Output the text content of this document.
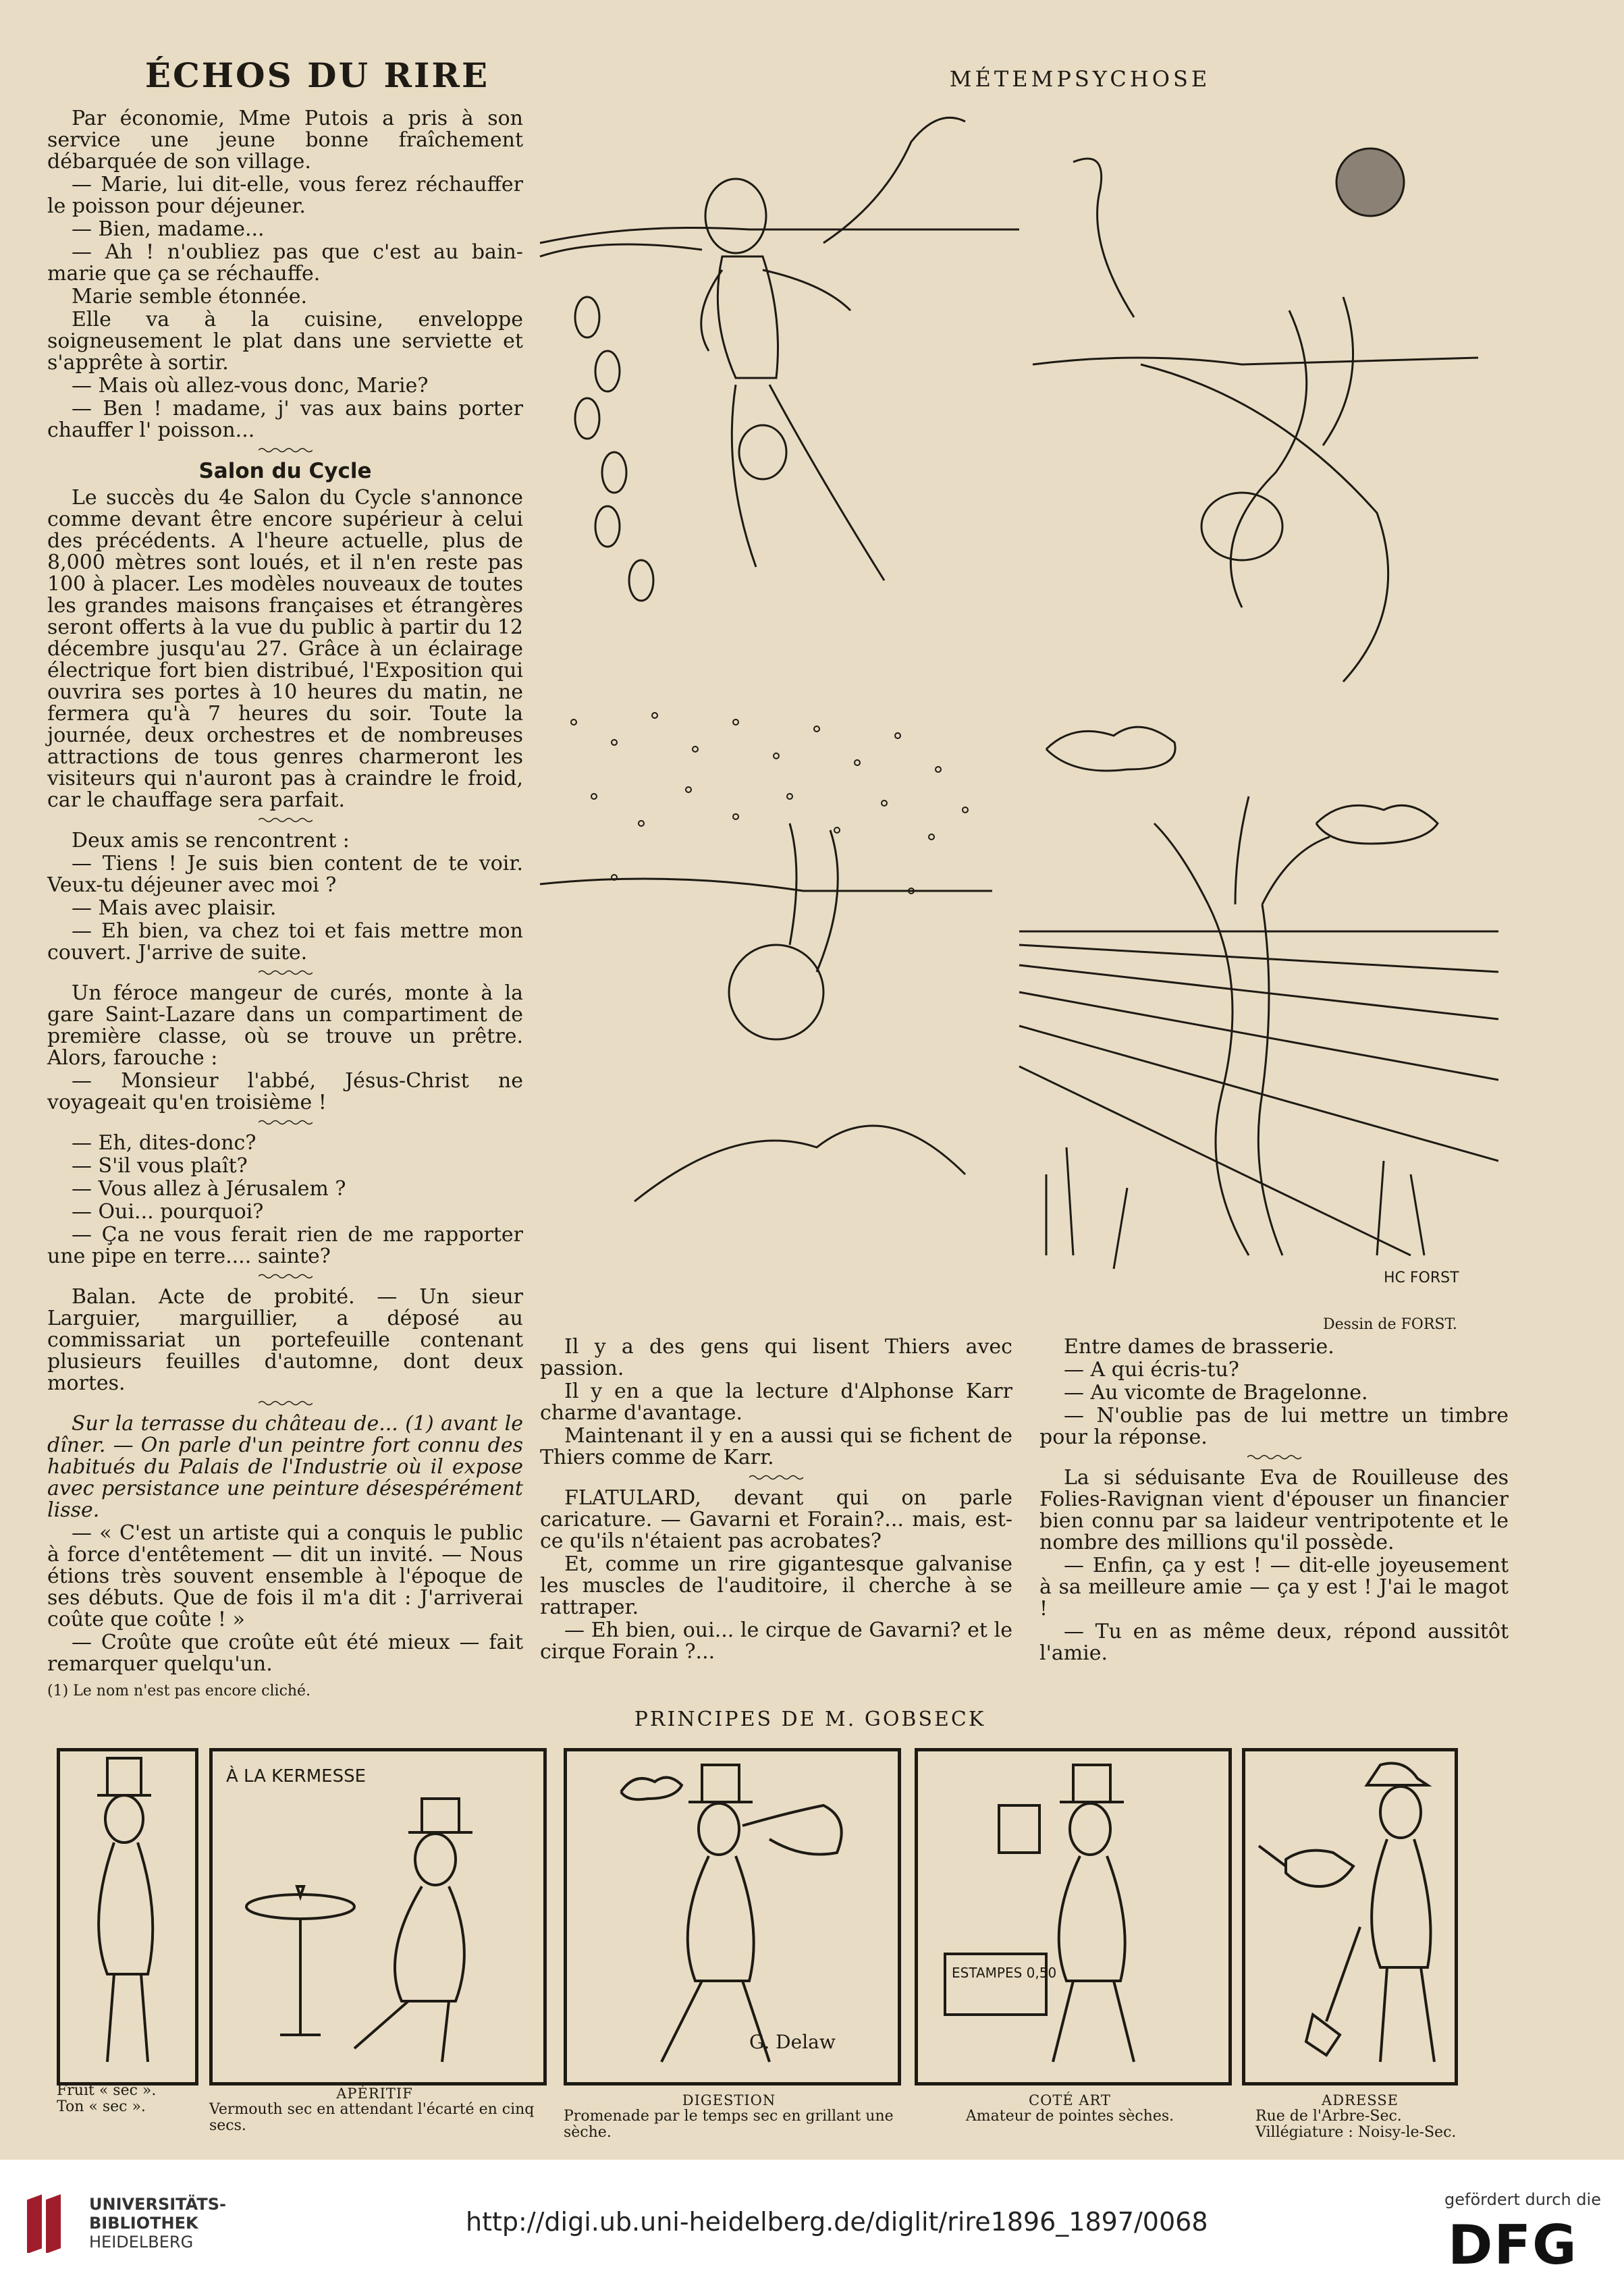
ÉCHOS DU RIRE	MÉTEMPSYCHOSE

Par économie, Mme Putois a pris à son service une jeune bonne fraîchement débarquée de son village.

— Marie, lui dit-elle, vous ferez réchauffer le poisson pour déjeuner.

— Bien, madame...

— Ah ! n'oubliez pas que c'est au bain-marie que ça se réchauffe.

Marie semble étonnée.

Elle va à la cuisine, enveloppe soigneusement le plat dans une serviette et s'apprête à sortir.

— Mais où allez-vous donc, Marie?

— Ben ! madame, j' vas aux bains porter chauffer l' poisson...

Salon du Cycle

Le succès du 4e Salon du Cycle s'annonce comme devant être encore supérieur à celui des précédents. A l'heure actuelle, plus de 8,000 mètres sont loués, et il n'en reste pas 100 à placer. Les modèles nouveaux de toutes les grandes maisons françaises et étrangères seront offerts à la vue du public à partir du 12 décembre jusqu'au 27. Grâce à un éclairage électrique fort bien distribué, l'Exposition qui ouvrira ses portes à 10 heures du matin, ne fermera qu'à 7 heures du soir. Toute la journée, deux orchestres et de nombreuses attractions de tous genres charmeront les visiteurs qui n'auront pas à craindre le froid, car le chauffage sera parfait.

Deux amis se rencontrent :

— Tiens ! Je suis bien content de te voir. Veux-tu déjeuner avec moi ?

— Mais avec plaisir.

— Eh bien, va chez toi et fais mettre mon couvert. J'arrive de suite.

Un féroce mangeur de curés, monte à la gare Saint-Lazare dans un compartiment de première classe, où se trouve un prêtre. Alors, farouche :

— Monsieur l'abbé, Jésus-Christ ne voyageait qu'en troisième !

— Eh, dites-donc?

— S'il vous plaît?

— Vous allez à Jérusalem ?

— Oui... pourquoi?

— Ça ne vous ferait rien de me rapporter une pipe en terre.... sainte?

Balan. Acte de probité. — Un sieur Larguier, marguillier, a déposé au commissariat un portefeuille contenant plusieurs feuilles d'automne, dont deux mortes.

Sur la terrasse du château de... (1) avant le dîner. — On parle d'un peintre fort connu des habitués du Palais de l'Industrie où il expose avec persistance une peinture désespérément lisse.

— « C'est un artiste qui a conquis le public à force d'entêtement — dit un invité. — Nous étions très souvent ensemble à l'époque de ses débuts. Que de fois il m'a dit : J'arriverai coûte que coûte ! »

— Croûte que croûte eût été mieux — fait remarquer quelqu'un.

(1) Le nom n'est pas encore cliché.

HC FORST
Dessin de FORST.

Il y a des gens qui lisent Thiers avec passion.

Il y en a que la lecture d'Alphonse Karr charme d'avantage.

Maintenant il y en a aussi qui se fichent de Thiers comme de Karr.

FLATULARD, devant qui on parle caricature. — Gavarni et Forain?... mais, est-ce qu'ils n'étaient pas acrobates?

Et, comme un rire gigantesque galvanise les muscles de l'auditoire, il cherche à se rattraper.

— Eh bien, oui... le cirque de Gavarni? et le cirque Forain ?...

Entre dames de brasserie.

— A qui écris-tu?

— Au vicomte de Bragelonne.

— N'oublie pas de lui mettre un timbre pour la réponse.

La si séduisante Eva de Rouilleuse des Folies-Ravignan vient d'épouser un financier bien connu par sa laideur ventripotente et le nombre des millions qu'il possède.

— Enfin, ça y est ! — dit-elle joyeusement à sa meilleure amie — ça y est ! J'ai le magot !

— Tu en as même deux, répond aussitôt l'amie.

PRINCIPES DE M. GOBSECK
À LA KERMESSE
G. Delaw
ESTAMPES 0,50
Fruit « sec ».
Ton « sec ».
APÉRITIF
Vermouth sec en attendant l'écarté en cinq secs.
DIGESTION
Promenade par le temps sec en grillant une sèche.
COTÉ ART
Amateur de pointes sèches.
ADRESSE
Rue de l'Arbre-Sec.
Villégiature : Noisy-le-Sec.
UNIVERSITÄTS-
BIBLIOTHEK
HEIDELBERG
http://digi.ub.uni-heidelberg.de/diglit/rire1896_1897/0068
gefördert durch die
DFG
